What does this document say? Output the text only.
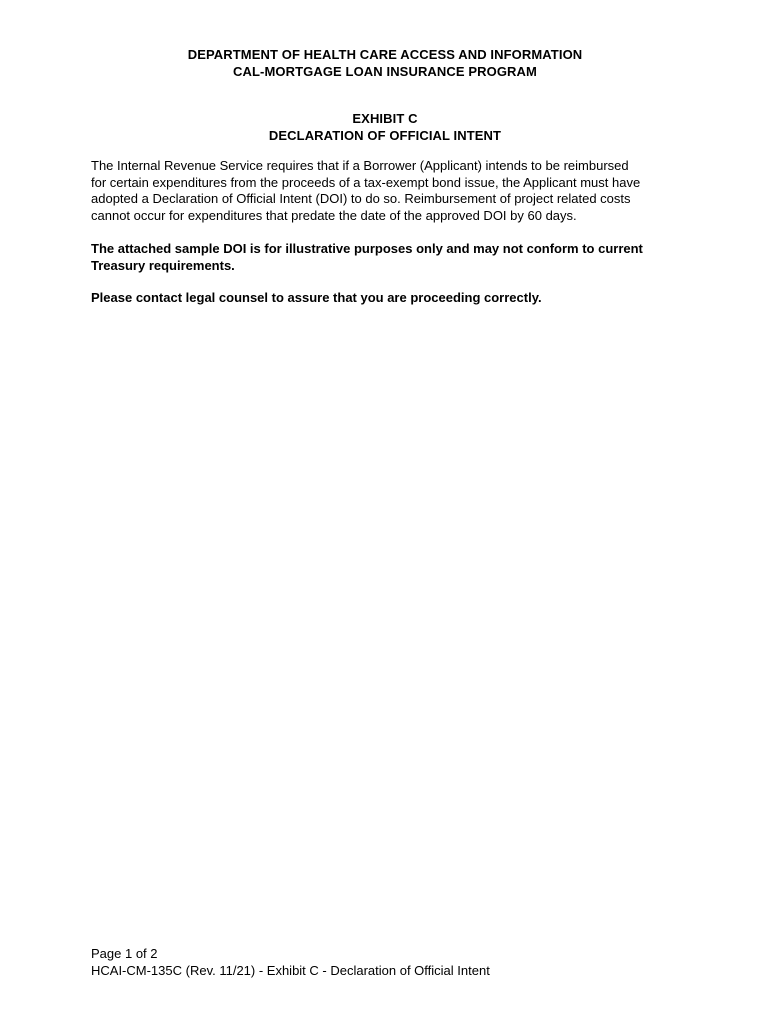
DEPARTMENT OF HEALTH CARE ACCESS AND INFORMATION
CAL-MORTGAGE LOAN INSURANCE PROGRAM
EXHIBIT C
DECLARATION OF OFFICIAL INTENT

The Internal Revenue Service requires that if a Borrower (Applicant) intends to be reimbursed
for certain expenditures from the proceeds of a tax-exempt bond issue, the Applicant must have
adopted a Declaration of Official Intent (DOI) to do so. Reimbursement of project related costs
cannot occur for expenditures that predate the date of the approved DOI by 60 days.

The attached sample DOI is for illustrative purposes only and may not conform to current
Treasury requirements.

Please contact legal counsel to assure that you are proceeding correctly.

Page 1 of 2
HCAI-CM-135C (Rev. 11/21) - Exhibit C - Declaration of Official Intent
